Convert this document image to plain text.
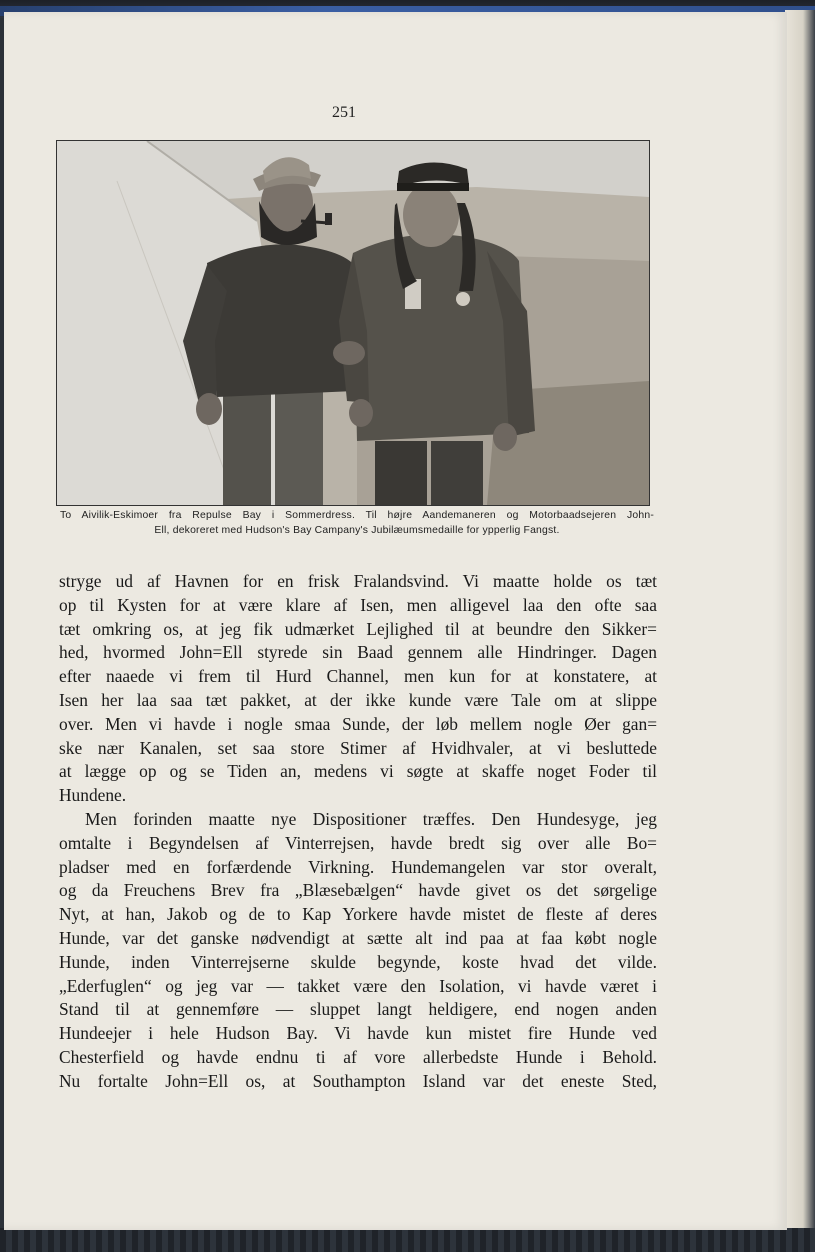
251
To Aivilik-Eskimoer fra Repulse Bay i Sommerdress. Til højre Aandemaneren og Motorbaadsejeren John-
Ell, dekoreret med Hudson's Bay Campany's Jubilæumsmedaille for ypperlig Fangst.
stryge ud af Havnen for en frisk Fralandsvind. Vi maatte holde os tæt
op til Kysten for at være klare af Isen, men alligevel laa den ofte saa
tæt omkring os, at jeg fik udmærket Lejlighed til at beundre den Sikker=
hed, hvormed John=Ell styrede sin Baad gennem alle Hindringer. Dagen
efter naaede vi frem til Hurd Channel, men kun for at konstatere, at
Isen her laa saa tæt pakket, at der ikke kunde være Tale om at slippe
over. Men vi havde i nogle smaa Sunde, der løb mellem nogle Øer gan=
ske nær Kanalen, set saa store Stimer af Hvidhvaler, at vi besluttede
at lægge op og se Tiden an, medens vi søgte at skaffe noget Foder til
Hundene.
Men forinden maatte nye Dispositioner træffes. Den Hundesyge, jeg
omtalte i Begyndelsen af Vinterrejsen, havde bredt sig over alle Bo=
pladser med en forfærdende Virkning. Hundemangelen var stor overalt,
og da Freuchens Brev fra „Blæsebælgen“ havde givet os det sørgelige
Nyt, at han, Jakob og de to Kap Yorkere havde mistet de fleste af deres
Hunde, var det ganske nødvendigt at sætte alt ind paa at faa købt nogle
Hunde, inden Vinterrejserne skulde begynde, koste hvad det vilde.
„Ederfuglen“ og jeg var — takket være den Isolation, vi havde været i
Stand til at gennemføre — sluppet langt heldigere, end nogen anden
Hundeejer i hele Hudson Bay. Vi havde kun mistet fire Hunde ved
Chesterfield og havde endnu ti af vore allerbedste Hunde i Behold.
Nu fortalte John=Ell os, at Southampton Island var det eneste Sted,
